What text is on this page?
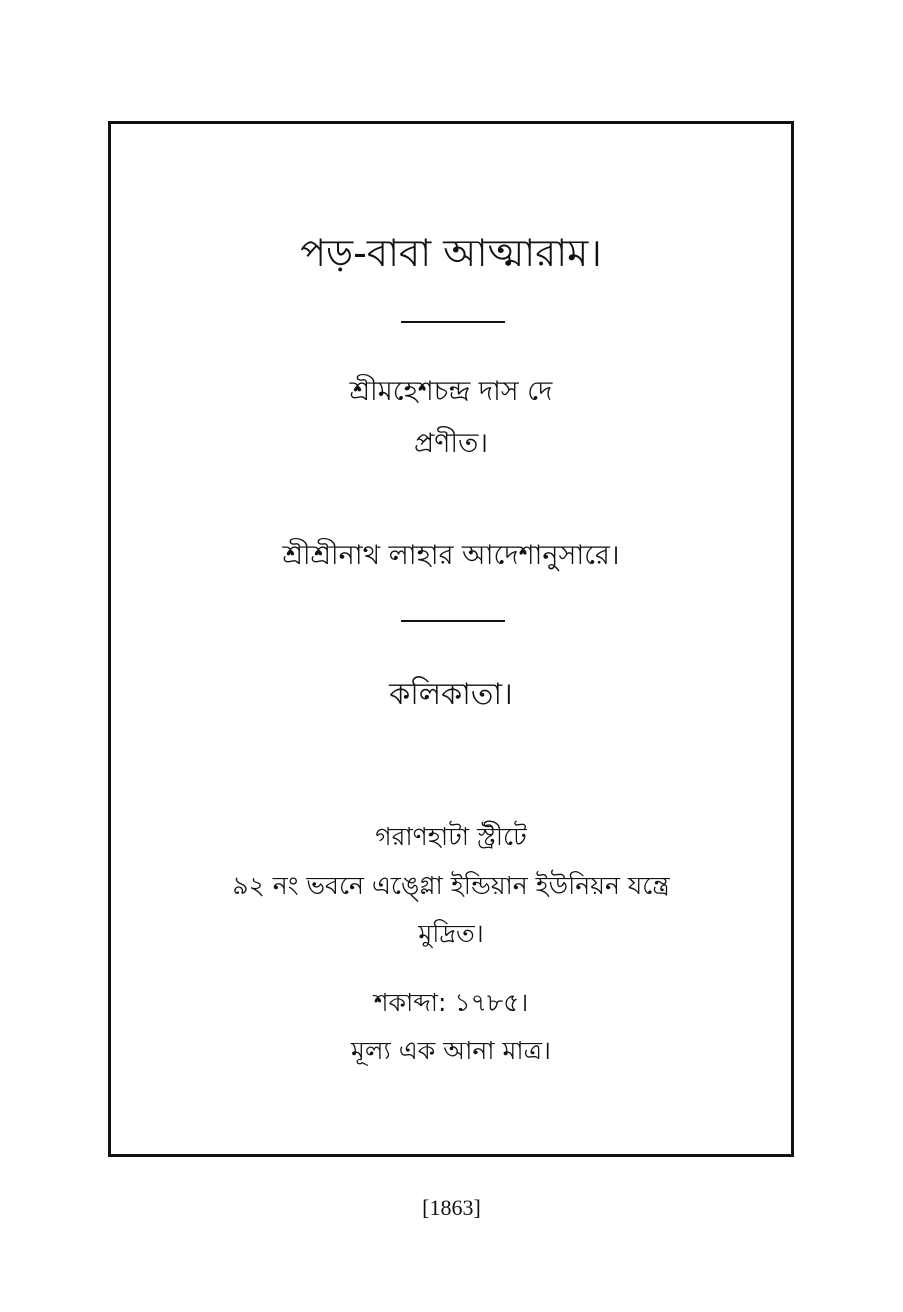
পড়-বাবা আত্মারাম।
শ্রীমহেশচন্দ্র দাস দে
প্রণীত।
শ্রীশ্রীনাথ লাহার আদেশানুসারে।
কলিকাতা।
গরাণহাটা স্ট্রীটে
৯২ নং ভবনে এঙ্গ্লো ইন্ডিয়ান ইউনিয়ন যন্ত্রে
মুদ্রিত।
শকাব্দা: ১৭৮৫।
মূল্য এক আনা মাত্র।
[1863]
